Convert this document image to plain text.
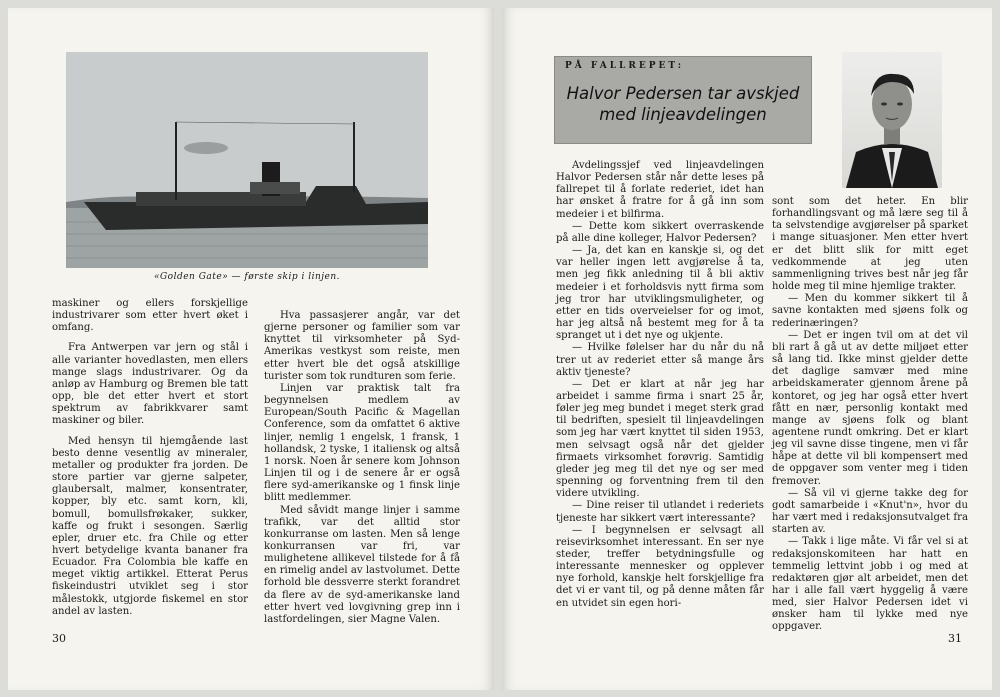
«Golden Gate» — første skip i linjen.

maskiner og ellers forskjellige industrivarer som etter hvert øket i omfang.

Fra Antwerpen var jern og stål i alle varianter hovedlasten, men ellers mange slags industrivarer. Og da anløp av Hamburg og Bremen ble tatt opp, ble det etter hvert et stort spektrum av fabrikkvarer samt maskiner og biler.

Med hensyn til hjemgående last besto denne vesentlig av mineraler, metaller og produkter fra jorden. De store partier var gjerne salpeter, glaubersalt, malmer, konsentrater, kopper, bly etc. samt korn, kli, bomull, bomullsfrøkaker, sukker, kaffe og frukt i sesongen. Særlig epler, druer etc. fra Chile og etter hvert betydelige kvanta bananer fra Ecuador. Fra Colombia ble kaffe en meget viktig artikkel. Etterat Perus fiskeindustri utviklet seg i stor målestokk, utgjorde fiskemel en stor andel av lasten.

Hva passasjerer angår, var det gjerne personer og familier som var knyttet til virksomheter på Syd-Amerikas vestkyst som reiste, men etter hvert ble det også atskillige turister som tok rundturen som ferie.

Linjen var praktisk talt fra begynnelsen medlem av European/South Pacific & Magellan Conference, som da omfattet 6 aktive linjer, nemlig 1 engelsk, 1 fransk, 1 hollandsk, 2 tyske, 1 italiensk og altså 1 norsk. Noen år senere kom Johnson Linjen til og i de senere år er også flere syd-amerikanske og 1 finsk linje blitt medlemmer.

Med såvidt mange linjer i samme trafikk, var det alltid stor konkurranse om lasten. Men så lenge konkurransen var fri, var mulighetene allikevel tilstede for å få en rimelig andel av lastvolumet. Dette forhold ble dessverre sterkt forandret da flere av de syd-amerikanske land etter hvert ved lovgivning grep inn i lastfordelingen, sier Magne Valen.

30
PÅ FALLREPET:
Halvor Pedersen tar avskjed med linjeavdelingen

Avdelingssjef ved linjeavdelingen Halvor Pedersen står når dette leses på fallrepet til å forlate rederiet, idet han har ønsket å fratre for å gå inn som medeier i et bilfirma.

— Dette kom sikkert overraskende på alle dine kolleger, Halvor Pedersen?

— Ja, det kan en kanskje si, og det var heller ingen lett avgjørelse å ta, men jeg fikk anledning til å bli aktiv medeier i et forholdsvis nytt firma som jeg tror har utviklingsmuligheter, og etter en tids overveielser for og imot, har jeg altså nå bestemt meg for å ta spranget ut i det nye og ukjente.

— Hvilke følelser har du når du nå trer ut av rederiet etter så mange års aktiv tjeneste?

— Det er klart at når jeg har arbeidet i samme firma i snart 25 år, føler jeg meg bundet i meget sterk grad til bedriften, spesielt til linjeavdelingen som jeg har vært knyttet til siden 1953, men selvsagt også når det gjelder firmaets virksomhet forøvrig. Samtidig gleder jeg meg til det nye og ser med spenning og forventning frem til den videre utvikling.

— Dine reiser til utlandet i rederiets tjeneste har sikkert vært interessante?

— I begynnelsen er selvsagt all reisevirksomhet interessant. En ser nye steder, treffer betydningsfulle og interessante mennesker og opplever nye forhold, kanskje helt forskjellige fra det vi er vant til, og på denne måten får en utvidet sin egen hori-

sont som det heter. En blir forhandlingsvant og må lære seg til å ta selvstendige avgjørelser på sparket i mange situasjoner. Men etter hvert er det blitt slik for mitt eget vedkommende at jeg uten sammenligning trives best når jeg får holde meg til mine hjemlige trakter.

— Men du kommer sikkert til å savne kontakten med sjøens folk og rederinæringen?

— Det er ingen tvil om at det vil bli rart å gå ut av dette miljøet etter så lang tid. Ikke minst gjelder dette det daglige samvær med mine arbeidskamerater gjennom årene på kontoret, og jeg har også etter hvert fått en nær, personlig kontakt med mange av sjøens folk og blant agentene rundt omkring. Det er klart jeg vil savne disse tingene, men vi får håpe at dette vil bli kompensert med de oppgaver som venter meg i tiden fremover.

— Så vil vi gjerne takke deg for godt samarbeide i «Knut'n», hvor du har vært med i redaksjonsutvalget fra starten av.

— Takk i lige måte. Vi får vel si at redaksjonskomiteen har hatt en temmelig lettvint jobb i og med at redaktøren gjør alt arbeidet, men det har i alle fall vært hyggelig å være med, sier Halvor Pedersen idet vi ønsker ham til lykke med nye oppgaver.

31
